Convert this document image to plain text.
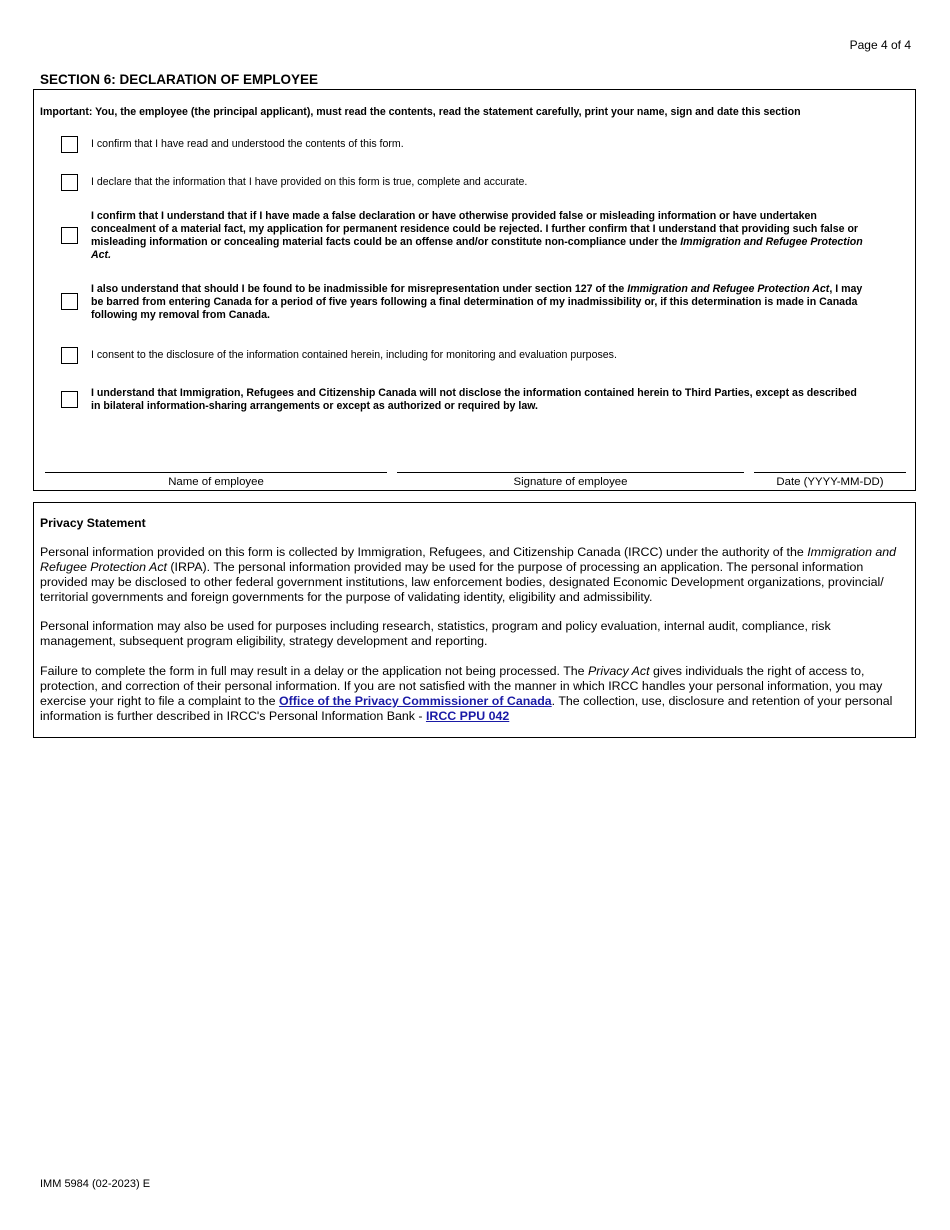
Page 4 of 4
SECTION 6: DECLARATION OF EMPLOYEE
Important: You, the employee (the principal applicant), must read the contents, read the statement carefully, print your name, sign and date this section
I confirm that I have read and understood the contents of this form.
I declare that the information that I have provided on this form is true, complete and accurate.
I confirm that I understand that if I have made a false declaration or have otherwise provided false or misleading information or have undertaken concealment of a material fact, my application for permanent residence could be rejected. I further confirm that I understand that providing such false or misleading information or concealing material facts could be an offense and/or constitute non-compliance under the Immigration and Refugee Protection Act.
I also understand that should I be found to be inadmissible for misrepresentation under section 127 of the Immigration and Refugee Protection Act, I may be barred from entering Canada for a period of five years following a final determination of my inadmissibility or, if this determination is made in Canada following my removal from Canada.
I consent to the disclosure of the information contained herein, including for monitoring and evaluation purposes.
I understand that Immigration, Refugees and Citizenship Canada will not disclose the information contained herein to Third Parties, except as described in bilateral information-sharing arrangements or except as authorized or required by law.
Name of employee	Signature of employee	Date (YYYY-MM-DD)
Privacy Statement
Personal information provided on this form is collected by Immigration, Refugees, and Citizenship Canada (IRCC) under the authority of the Immigration and Refugee Protection Act (IRPA). The personal information provided may be used for the purpose of processing an application. The personal information provided may be disclosed to other federal government institutions, law enforcement bodies, designated Economic Development organizations, provincial/ territorial governments and foreign governments for the purpose of validating identity, eligibility and admissibility.
Personal information may also be used for purposes including research, statistics, program and policy evaluation, internal audit, compliance, risk management, subsequent program eligibility, strategy development and reporting.
Failure to complete the form in full may result in a delay or the application not being processed. The Privacy Act gives individuals the right of access to, protection, and correction of their personal information. If you are not satisfied with the manner in which IRCC handles your personal information, you may exercise your right to file a complaint to the Office of the Privacy Commissioner of Canada. The collection, use, disclosure and retention of your personal information is further described in IRCC's Personal Information Bank - IRCC PPU 042
IMM 5984 (02-2023) E
